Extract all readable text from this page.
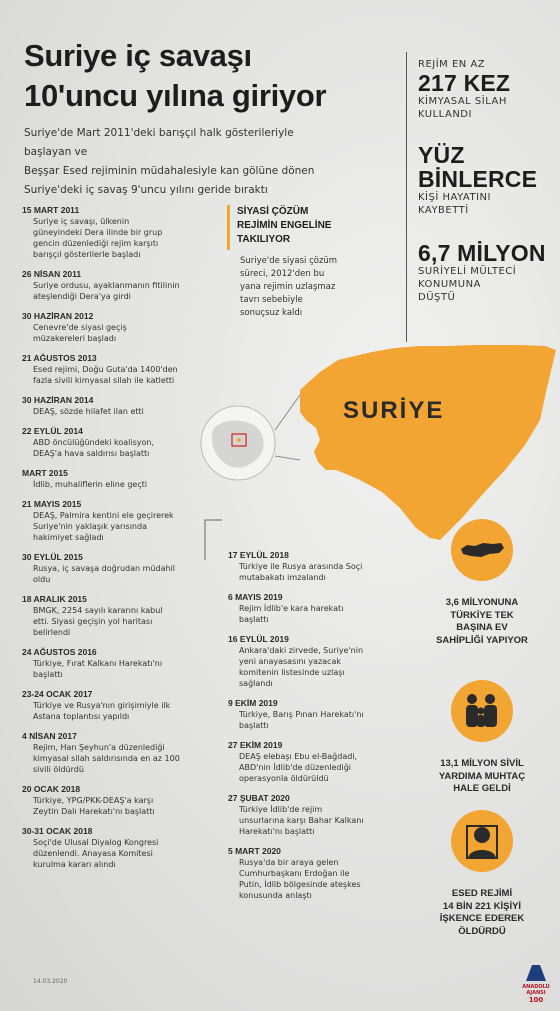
Suriye iç savaşı
10'uncu yılına giriyor
Suriye'de Mart 2011'deki barışçıl halk gösterileriyle başlayan ve
Beşşar Esed rejiminin müdahalesiyle kan gölüne dönen
Suriye'deki iç savaş 9'uncu yılını geride bıraktı
REJİM EN AZ
217 KEZ
KİMYASAL SİLAH
KULLANDI
YÜZ
BİNLERCE
KİŞİ HAYATINI
KAYBETTİ
6,7 MİLYON
SURİYELİ MÜLTECİ
KONUMUNA
DÜŞTÜ
SİYASİ ÇÖZÜM
REJİMİN ENGELİNE
TAKILIYOR
Suriye'de siyasi çözüm
süreci, 2012'den bu
yana rejimin uzlaşmaz
tavrı sebebiyle
sonuçsuz kaldı
SURİYE
15 MART 2011
Suriye iç savaşı, ülkenin
güneyindeki Dera ilinde bir grup
gencin düzenlediği rejim karşıtı
barışçıl gösterilerle başladı
26 NİSAN 2011
Suriye ordusu, ayaklanmanın fitilinin
ateşlendiği Dera'ya girdi
30 HAZİRAN 2012
Cenevre'de siyasi geçiş
müzakereleri başladı
21 AĞUSTOS 2013
Esed rejimi, Doğu Guta'da 1400'den
fazla sivili kimyasal silah ile katletti
30 HAZİRAN 2014
DEAŞ, sözde hilafet ilan etti
22 EYLÜL 2014
ABD öncülüğündeki koalisyon,
DEAŞ'a hava saldırısı başlattı
MART 2015
İdlib, muhaliflerin eline geçti
21 MAYIS 2015
DEAŞ, Palmira kentini ele geçirerek
Suriye'nin yaklaşık yarısında
hakimiyet sağladı
30 EYLÜL 2015
Rusya, iç savaşa doğrudan müdahil
oldu
18 ARALIK 2015
BMGK, 2254 sayılı kararını kabul
etti. Siyasi geçişin yol haritası
belirlendi
24 AĞUSTOS 2016
Türkiye, Fırat Kalkanı Harekatı'nı
başlattı
23-24 OCAK 2017
Türkiye ve Rusya'nın girişimiyle ilk
Astana toplantısı yapıldı
4 NİSAN 2017
Rejim, Han Şeyhun'a düzenlediği
kimyasal silah saldırısında en az 100
sivili öldürdü
20 OCAK 2018
Türkiye, YPG/PKK-DEAŞ'a karşı
Zeytin Dalı Harekatı'nı başlattı
30-31 OCAK 2018
Soçi'de Ulusal Diyalog Kongresi
düzenlendi. Anayasa Komitesi
kurulma kararı alındı
17 EYLÜL 2018
Türkiye ile Rusya arasında Soçi
mutabakatı imzalandı
6 MAYIS 2019
Rejim İdlib'e kara harekatı
başlattı
16 EYLÜL 2019
Ankara'daki zirvede, Suriye'nin
yeni anayasasını yazacak
komitenin listesinde uzlaşı
sağlandı
9 EKİM 2019
Türkiye, Barış Pınarı Harekatı'nı
başlattı
27 EKİM 2019
DEAŞ elebaşı Ebu el-Bağdadi,
ABD'nin İdlib'de düzenlediği
operasyonla öldürüldü
27 ŞUBAT 2020
Türkiye İdlib'de rejim
unsurlarına karşı Bahar Kalkanı
Harekatı'nı başlattı
5 MART 2020
Rusya'da bir araya gelen
Cumhurbaşkanı Erdoğan ile
Putin, İdlib bölgesinde ateşkes
konusunda anlaştı
3,6 MİLYONUNA
TÜRKİYE TEK
BAŞINA EV
SAHİPLİĞİ YAPIYOR
13,1 MİLYON SİVİL
YARDIMA MUHTAÇ
HALE GELDİ
ESED REJİMİ
14 BİN 221 KİŞİYİ
İŞKENCE EDEREK
ÖLDÜRDÜ
14.03.2020
ANADOLU AJANSI
100
